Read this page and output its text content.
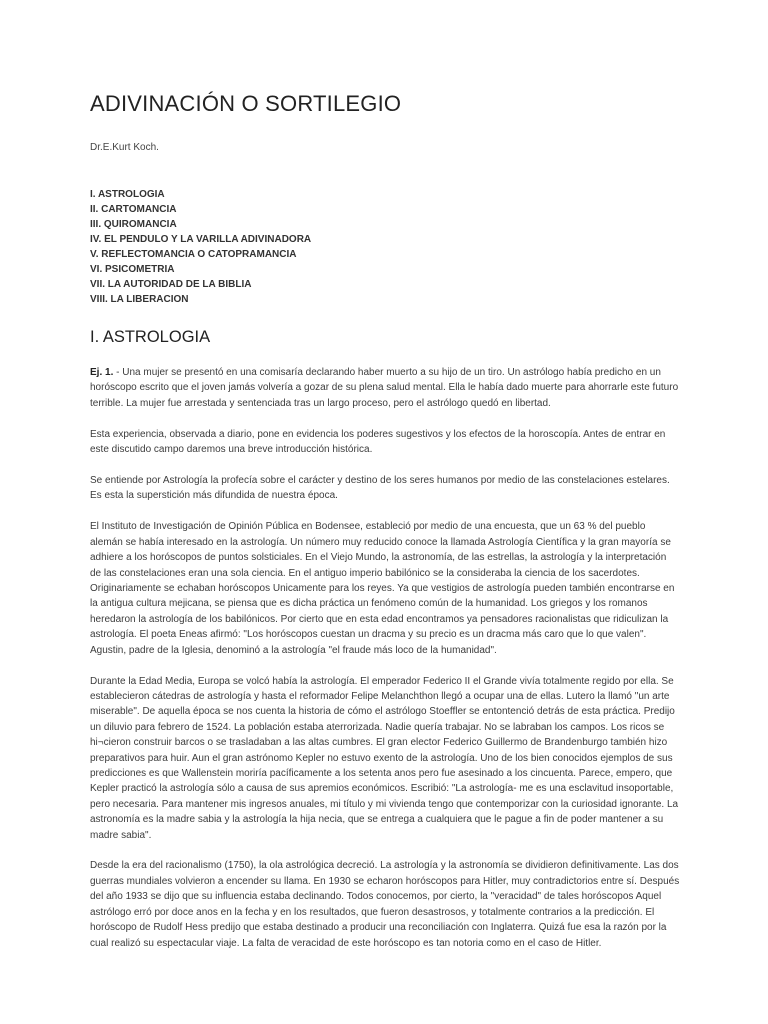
ADIVINACIÓN O SORTILEGIO
Dr.E.Kurt Koch.
I. ASTROLOGIA
II. CARTOMANCIA
III. QUIROMANCIA
IV. EL PENDULO Y LA VARILLA ADIVINADORA
V. REFLECTOMANCIA O CATOPRAMANCIA
VI. PSICOMETRIA
VII. LA AUTORIDAD DE LA BIBLIA
VIII. LA LIBERACION
I. ASTROLOGIA

Ej. 1. - Una mujer se presentó en una comisaría declarando haber muerto a su hijo de un tiro. Un astrólogo había predicho en un horóscopo escrito que el joven jamás volvería a gozar de su plena salud mental. Ella le había dado muerte para ahorrarle este futuro terrible. La mujer fue arrestada y sentenciada tras un largo proceso, pero el astrólogo quedó en libertad.

Esta experiencia, observada a diario, pone en evidencia los poderes sugestivos y los efectos de la horoscopía. Antes de entrar en este discutido campo daremos una breve introducción histórica.

Se entiende por Astrología la profecía sobre el carácter y destino de los seres humanos por medio de las constelaciones estelares. Es esta la superstición más difundida de nuestra época.

El Instituto de Investigación de Opinión Pública en Bodensee, estableció por medio de una encuesta, que un 63 % del pueblo alemán se había interesado en la astrología. Un número muy reducido conoce la llamada Astrología Científica y la gran mayoría se adhiere a los horóscopos de puntos solsticiales. En el Viejo Mundo, la astronomía, de las estrellas, la astrología y la interpretación de las constelaciones eran una sola ciencia. En el antiguo imperio babilónico se la consideraba la ciencia de los sacerdotes. Originariamente se echaban horóscopos Unicamente para los reyes. Ya que vestigios de astrología pueden también encontrarse en la antigua cultura mejicana, se piensa que es dicha práctica un fenómeno común de la humanidad. Los griegos y los romanos heredaron la astrología de los babilónicos. Por cierto que en esta edad encontramos ya pensadores racionalistas que ridiculizan la astrología. El poeta Eneas afirmó: "Los horóscopos cuestan un dracma y su precio es un dracma más caro que lo que valen". Agustin, padre de la Iglesia, denominó a la astrología "el fraude más loco de la humanidad".

Durante la Edad Media, Europa se volcó había la astrología. El emperador Federico II el Grande vivía totalmente regido por ella. Se establecieron cátedras de astrología y hasta el reformador Felipe Melanchthon llegó a ocupar una de ellas. Lutero la llamó "un arte miserable". De aquella época se nos cuenta la historia de cómo el astrólogo Stoeffler se entontenció detrás de esta práctica. Predijo un diluvio para febrero de 1524. La población estaba aterrorizada. Nadie quería trabajar. No se labraban los campos. Los ricos se hi¬cieron construir barcos o se trasladaban a las altas cumbres. El gran elector Federico Guillermo de Brandenburgo también hizo preparativos para huir. Aun el gran astrónomo Kepler no estuvo exento de la astrología. Uno de los bien conocidos ejemplos de sus predicciones es que Wallenstein moriría pacíficamente a los setenta anos pero fue asesinado a los cincuenta. Parece, empero, que Kepler practicó la astrología sólo a causa de sus apremios económicos. Escribió: "La astrología- me es una esclavitud insoportable, pero necesaria. Para mantener mis ingresos anuales, mi título y mi vivienda tengo que contemporizar con la curiosidad ignorante. La astronomía es la madre sabia y la astrología la hija necia, que se entrega a cualquiera que le pague a fin de poder mantener a su madre sabia".

Desde la era del racionalismo (1750), la ola astrológica decreció. La astrología y la astronomía se dividieron definitivamente. Las dos guerras mundiales volvieron a encender su llama. En 1930 se echaron horóscopos para Hitler, muy contradictorios entre sí. Después del año 1933 se dijo que su influencia estaba declinando. Todos conocemos, por cierto, la "veracidad" de tales horóscopos Aquel astrólogo erró por doce anos en la fecha y en los resultados, que fueron desastrosos, y totalmente contrarios a la predicción. El horóscopo de Rudolf Hess predijo que estaba destinado a producir una reconciliación con Inglaterra. Quizá fue esa la razón por la cual realizó su espectacular viaje. La falta de veracidad de este horóscopo es tan notoria como en el caso de Hitler.
